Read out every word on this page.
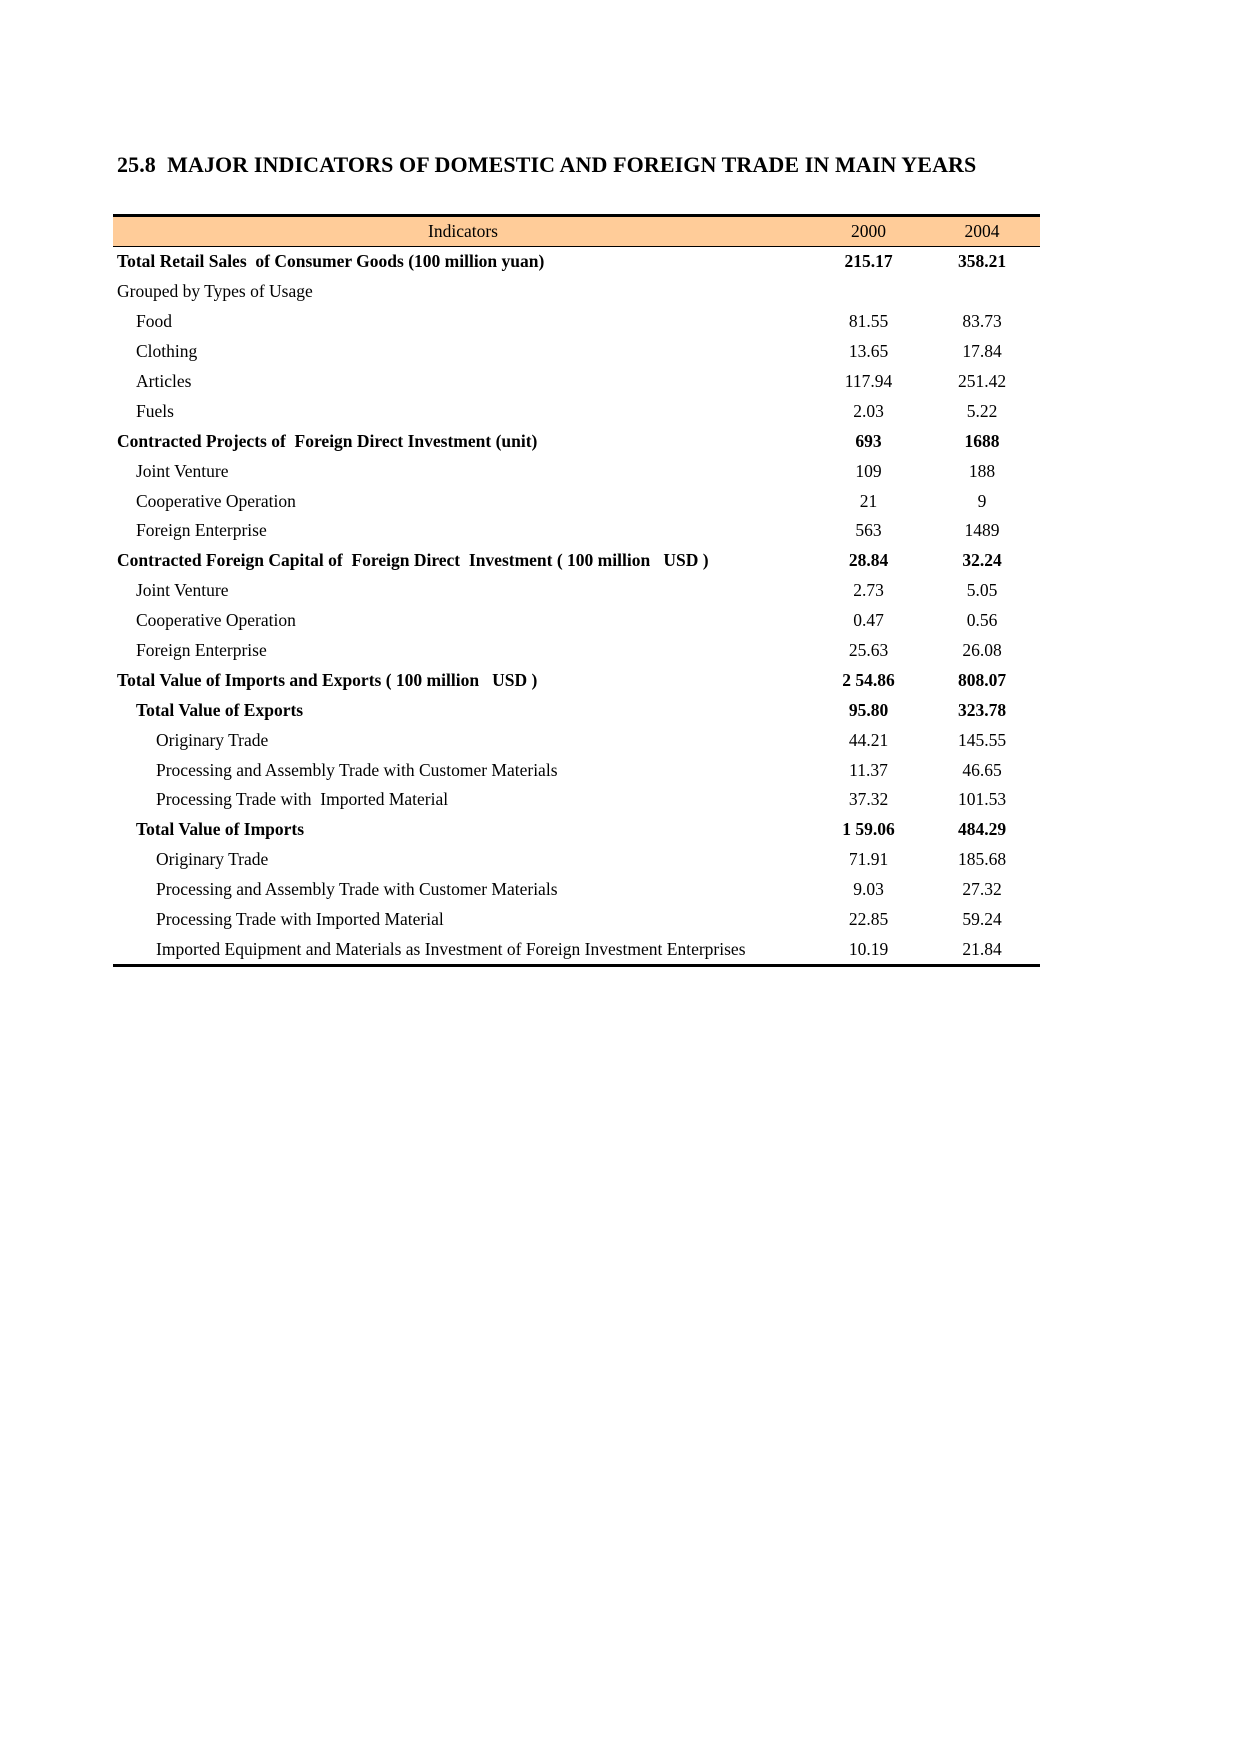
25.8  MAJOR INDICATORS OF DOMESTIC AND FOREIGN TRADE IN MAIN YEARS
Indicators	2000	2004
Total Retail Sales  of Consumer Goods (100 million yuan)	215.17	358.21
Grouped by Types of Usage		
Food	81.55	83.73
Clothing	13.65	17.84
Articles	117.94	251.42
Fuels	2.03	5.22
Contracted Projects of  Foreign Direct Investment (unit)	693	1688
Joint Venture	109	188
Cooperative Operation	21	9
Foreign Enterprise	563	1489
Contracted Foreign Capital of  Foreign Direct  Investment ( 100 million   USD )	28.84	32.24
Joint Venture	2.73	5.05
Cooperative Operation	0.47	0.56
Foreign Enterprise	25.63	26.08
Total Value of Imports and Exports ( 100 million   USD )	2 54.86	808.07
Total Value of Exports	95.80	323.78
Originary Trade	44.21	145.55
Processing and Assembly Trade with Customer Materials	11.37	46.65
Processing Trade with  Imported Material	37.32	101.53
Total Value of Imports	1 59.06	484.29
Originary Trade	71.91	185.68
Processing and Assembly Trade with Customer Materials	9.03	27.32
Processing Trade with Imported Material	22.85	59.24
Imported Equipment and Materials as Investment of Foreign Investment Enterprises	10.19	21.84
